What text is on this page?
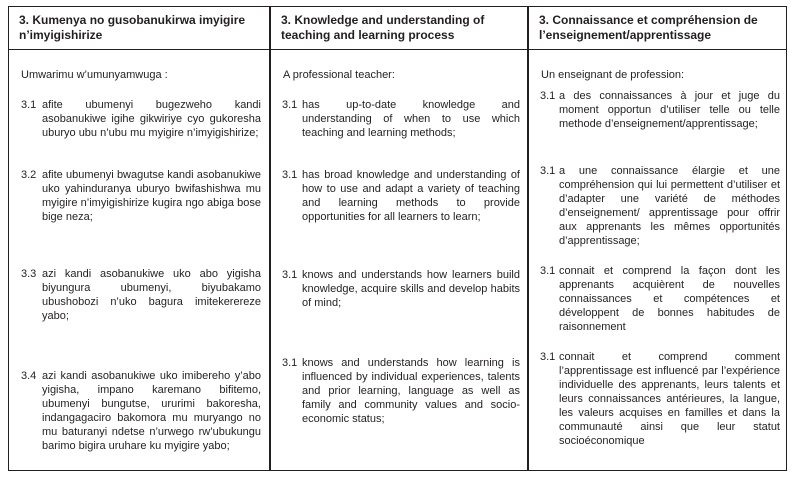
3. Kumenya no gusobanukirwa imyigire n’imyigishirize
Umwarimu w’umunyamwuga :
3.1 afite ubumenyi bugezweho kandi asobanukiwe igihe gikwiriye cyo gukoresha uburyo ubu n’ubu mu myigire n’imyigishirize;
3.2 afite ubumenyi bwagutse kandi asobanukiwe uko yahinduranya uburyo bwifashishwa mu myigire n’imyigishirize kugira ngo abiga bose bige neza;
3.3 azi kandi asobanukiwe uko abo yigisha biyungura ubumenyi, biyubakamo ubushobozi n’uko bagura imitekerereze yabo;
3.4 azi kandi asobanukiwe uko imibereho y’abo yigisha, impano karemano bifitemo, ubumenyi bungutse, ururimi bakoresha, indangagaciro bakomora mu muryango no mu baturanyi ndetse n’urwego rw’ubukungu barimo bigira uruhare ku myigire yabo;
3. Knowledge and understanding of teaching and learning process
A professional teacher:
3.1 has up-to-date knowledge and understanding of when to use which teaching and learning methods;
3.1 has broad knowledge and understanding of how to use and adapt a variety of teaching and learning methods to provide opportunities for all learners to learn;
3.1 knows and understands how learners build knowledge, acquire skills and develop habits of mind;
3.1 knows and understands how learning is influenced by individual experiences, talents and prior learning, language as well as family and community values and socio-economic status;
3. Connaissance et compréhension de l’enseignement/apprentissage
Un enseignant de profession:
3.1 a des connaissances à jour et juge du moment opportun d’utiliser telle ou telle methode d’enseignement/apprentissage;
3.1 a une connaissance élargie et une compréhension qui lui permettent d’utiliser et d’adapter une variété de méthodes d’enseignement/ apprentissage pour offrir aux apprenants les mêmes opportunités d’apprentissage;
3.1 connait et comprend la façon dont les apprenants acquièrent de nouvelles connaissances et compétences et développent de bonnes habitudes de raisonnement
3.1 connait et comprend comment l’apprentissage est influencé par l’expérience individuelle des apprenants, leurs talents et leurs connaissances antérieures, la langue, les valeurs acquises en familles et dans la communauté ainsi que leur statut socioéconomique
